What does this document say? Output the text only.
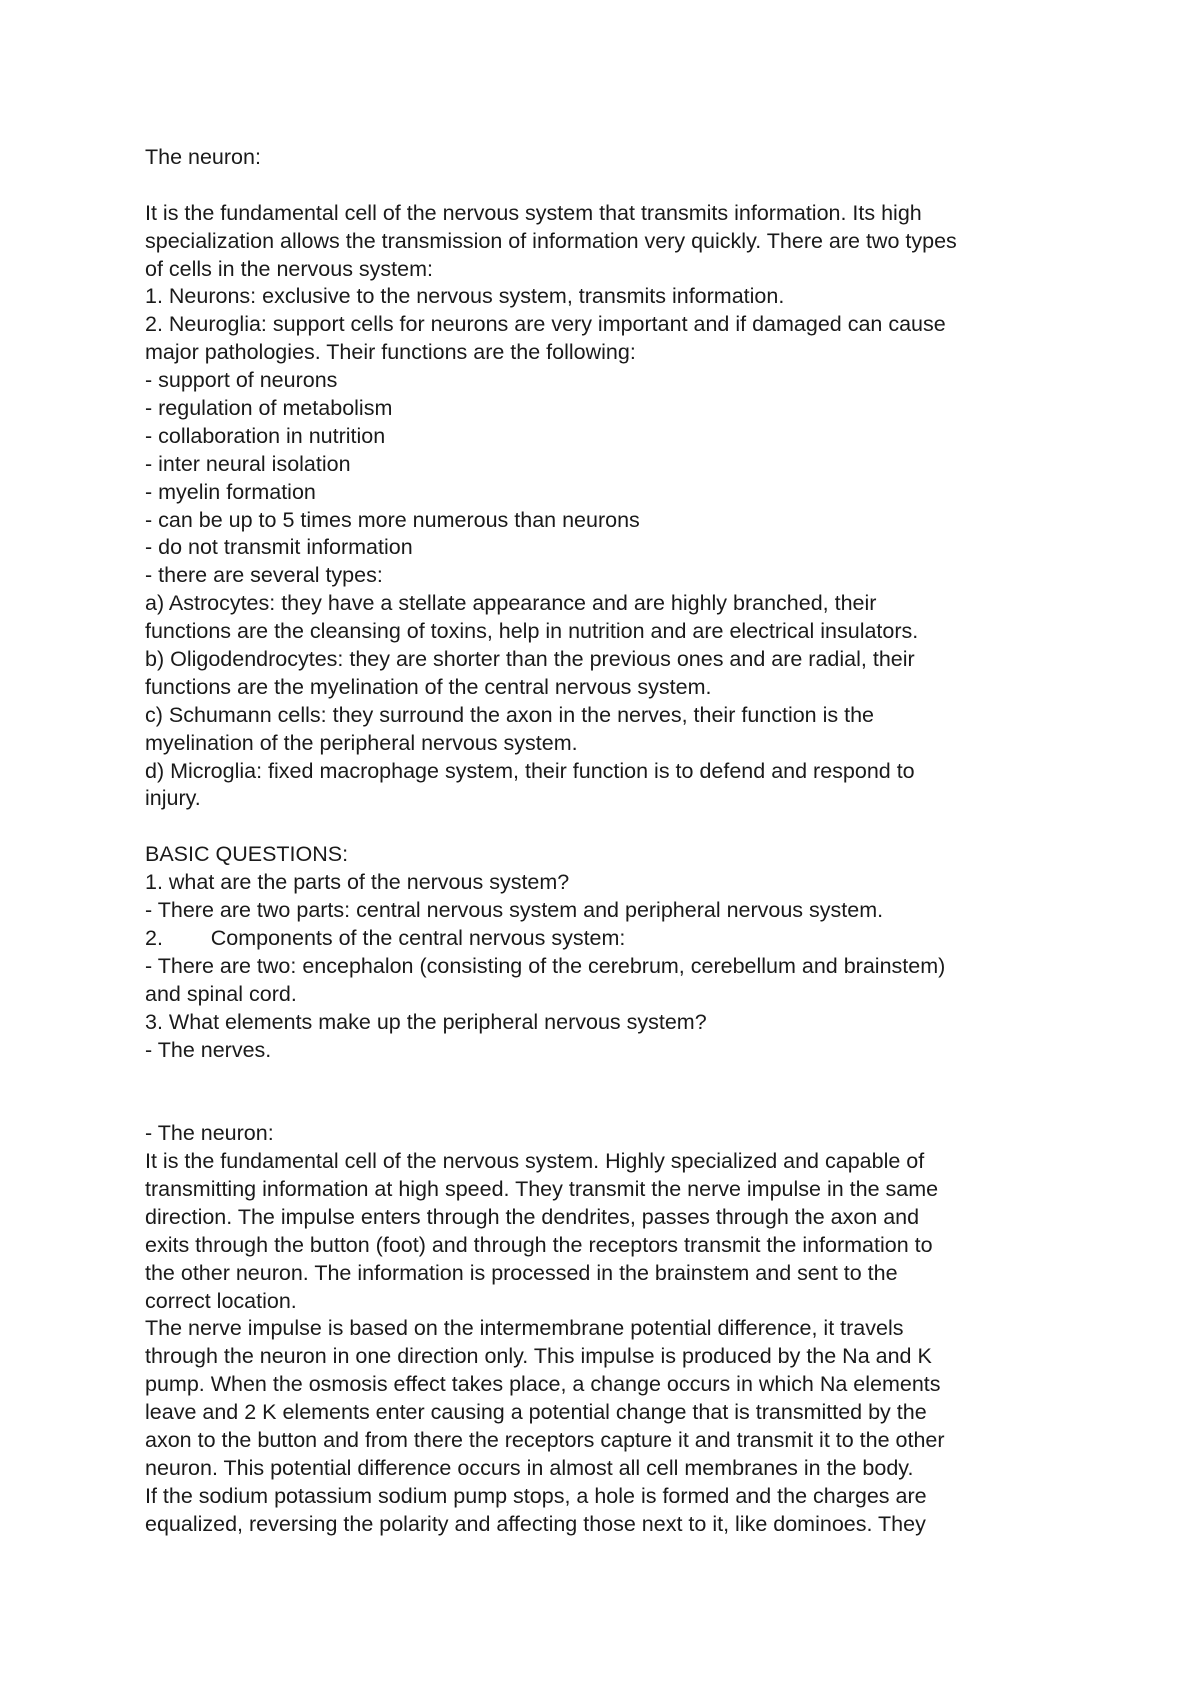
The neuron:
It is the fundamental cell of the nervous system that transmits information. Its high
specialization allows the transmission of information very quickly. There are two types
of cells in the nervous system:
1. Neurons: exclusive to the nervous system, transmits information.
2. Neuroglia: support cells for neurons are very important and if damaged can cause
major pathologies. Their functions are the following:
- support of neurons
- regulation of metabolism
- collaboration in nutrition
- inter neural isolation
- myelin formation
- can be up to 5 times more numerous than neurons
- do not transmit information
- there are several types:
a) Astrocytes: they have a stellate appearance and are highly branched, their
functions are the cleansing of toxins, help in nutrition and are electrical insulators.
b) Oligodendrocytes: they are shorter than the previous ones and are radial, their
functions are the myelination of the central nervous system.
c) Schumann cells: they surround the axon in the nerves, their function is the
myelination of the peripheral nervous system.
d) Microglia: fixed macrophage system, their function is to defend and respond to
injury.
BASIC QUESTIONS:
1. what are the parts of the nervous system?
- There are two parts: central nervous system and peripheral nervous system.
2.        Components of the central nervous system:
- There are two: encephalon (consisting of the cerebrum, cerebellum and brainstem)
and spinal cord.
3. What elements make up the peripheral nervous system?
- The nerves.
- The neuron:
It is the fundamental cell of the nervous system. Highly specialized and capable of
transmitting information at high speed. They transmit the nerve impulse in the same
direction. The impulse enters through the dendrites, passes through the axon and
exits through the button (foot) and through the receptors transmit the information to
the other neuron. The information is processed in the brainstem and sent to the
correct location.
The nerve impulse is based on the intermembrane potential difference, it travels
through the neuron in one direction only. This impulse is produced by the Na and K
pump. When the osmosis effect takes place, a change occurs in which Na elements
leave and 2 K elements enter causing a potential change that is transmitted by the
axon to the button and from there the receptors capture it and transmit it to the other
neuron. This potential difference occurs in almost all cell membranes in the body.
If the sodium potassium sodium pump stops, a hole is formed and the charges are
equalized, reversing the polarity and affecting those next to it, like dominoes. They
